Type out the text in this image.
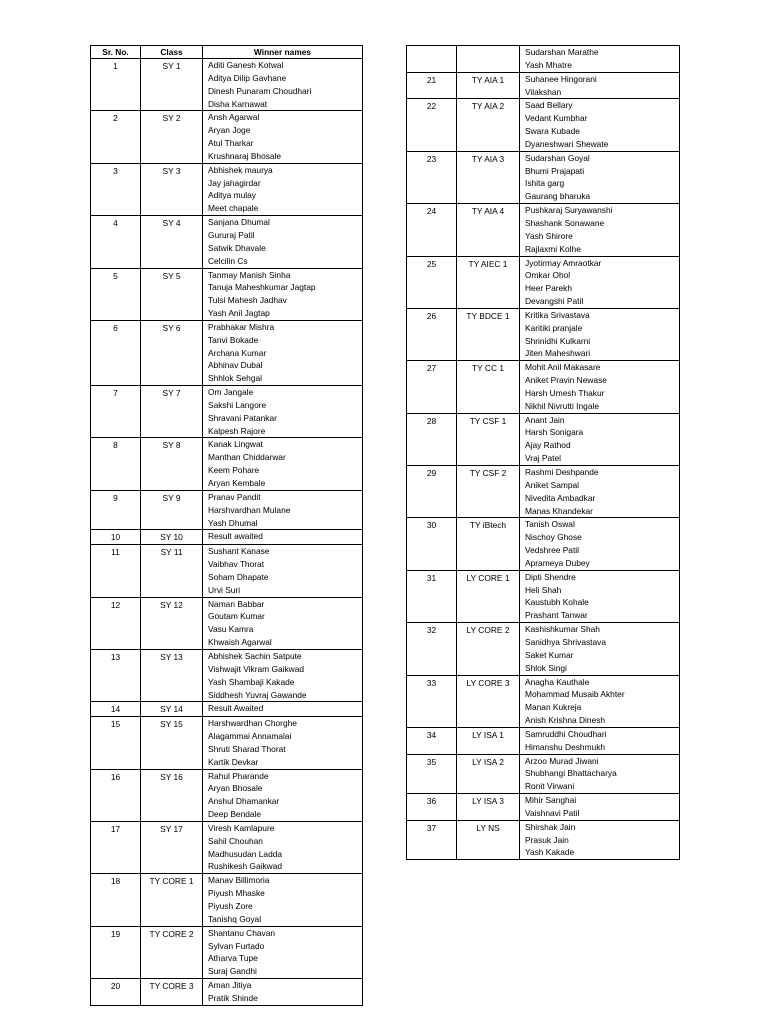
Sr. No.	Class	Winner names
1	SY 1	Aditi Ganesh Kotwal
Aditya Dilip Gavhane
Dinesh Punaram Choudhari
Disha Karnawat

2	SY 2	Ansh Agarwal
Aryan Joge
Atul Tharkar
Krushnaraj Bhosale

3	SY 3	Abhishek maurya
Jay jahagirdar
Aditya mulay
Meet chapale

4	SY 4	Sanjana Dhumal
Gururaj Patil
Satwik Dhavale
Celcilin Cs

5	SY 5	Tanmay Manish Sinha
Tanuja Maheshkumar Jagtap
Tulsi Mahesh Jadhav
Yash Anil Jagtap

6	SY 6	Prabhakar Mishra
Tanvi Bokade
Archana Kumar
Abhinav Dubal
Shhlok Sehgal

7	SY 7	Om Jangale
Sakshi Langore
Shravani Patankar
Kalpesh Rajore

8	SY 8	Kanak Lingwat
Manthan Chiddarwar
Keem Pohare
Aryan Kembale

9	SY 9	Pranav Pandit
Harshvardhan Mulane
Yash Dhumal

10	SY 10	Result awaited

11	SY 11	Sushant Kanase
Vaibhav Thorat
Soham Dhapate
Urvi Suri

12	SY 12	Naman Babbar
Goutam Kumar
Vasu Kamra
Khwaish Agarwal

13	SY 13	Abhishek Sachin Satpute
Vishwajit Vikram Gaikwad
Yash Shambaji Kakade
Siddhesh Yuvraj Gawande

14	SY 14	Result Awaited

15	SY 15	Harshwardhan Chorghe
Alagammai Annamalai
Shruti Sharad Thorat
Kartik Devkar

16	SY 16	Rahul Pharande
Aryan Bhosale
Anshul Dhamankar
Deep Bendale

17	SY 17	Viresh Kamlapure
Sahil Chouhan
Madhusudan Ladda
Rushikesh Gaikwad

18	TY CORE 1	Manav Billimoria
Piyush Mhaske
Piyush Zore
Tanishq Goyal

19	TY CORE 2	Shantanu Chavan
Sylvan Furtado
Atharva Tupe
Suraj Gandhi

20	TY CORE 3	Aman Jitiya
Pratik Shinde

		Sudarshan Marathe
Yash Mhatre

21	TY AIA 1	Suhanee Hingorani
Vilakshan

22	TY AIA 2	Saad Bellary
Vedant Kumbhar
Swara Kubade
Dyaneshwari Shewate

23	TY AIA 3	Sudarshan Goyal
Bhumi Prajapati
Ishita garg
Gaurang bharuka

24	TY AIA 4	Pushkaraj Suryawanshi
Shashank Sonawane
Yash Shirore
Rajlaxmi Kolhe

25	TY AIEC 1	Jyotirmay Amraotkar
Omkar Ohol
Heer Parekh
Devangshi Patil

26	TY BDCE 1	Kritika Srivastava
Karitiki pranjale
Shrinidhi Kulkarni
Jiten Maheshwari

27	TY CC 1	Mohit Anil Makasare
Aniket Pravin Newase
Harsh Umesh Thakur
Nikhil Nivrutti Ingale

28	TY CSF 1	Anant Jain
Harsh Sonigara
Ajay Rathod
Vraj Patel

29	TY CSF 2	Rashmi Deshpande
Aniket Sampal
Nivedita Ambadkar
Manas Khandekar

30	TY iBtech	Tanish Oswal
Nischoy Ghose
Vedshree Patil
Aprameya Dubey

31	LY CORE 1	Dipti Shendre
Heli Shah
Kaustubh Kohale
Prashant Tanwar

32	LY CORE 2	Kashishkumar Shah
Sanidhya Shrivastava
Saket Kumar
Shlok Singi

33	LY CORE 3	Anagha Kauthale
Mohammad Musaib Akhter
Manan Kukreja
Anish Krishna Dinesh

34	LY ISA 1	Samruddhi Choudhari
Himanshu Deshmukh

35	LY ISA 2	Arzoo Murad Jiwani
Shubhangi Bhattacharya
Ronit Virwani

36	LY ISA 3	Mihir Sanghai
Vaishnavi Patil

37	LY NS	Shirshak Jain
Prasuk Jain
Yash Kakade
